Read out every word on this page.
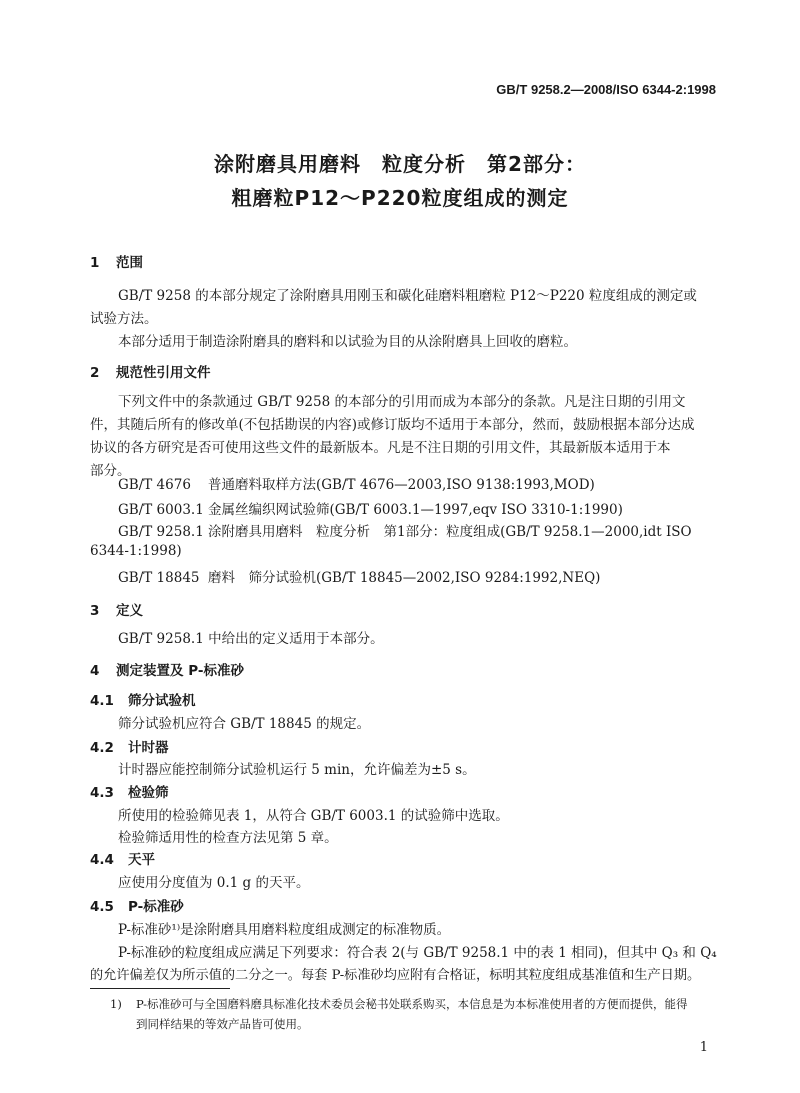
GB/T 9258.2—2008/ISO 6344-2:1998
涂附磨具用磨料　粒度分析　第2部分：
粗磨粒P12～P220粒度组成的测定
1 范围
GB/T 9258 的本部分规定了涂附磨具用刚玉和碳化硅磨料粗磨粒 P12～P220 粒度组成的测定或
试验方法。
本部分适用于制造涂附磨具的磨料和以试验为目的从涂附磨具上回收的磨粒。
2 规范性引用文件
下列文件中的条款通过 GB/T 9258 的本部分的引用而成为本部分的条款。凡是注日期的引用文
件，其随后所有的修改单(不包括勘误的内容)或修订版均不适用于本部分，然而，鼓励根据本部分达成
协议的各方研究是否可使用这些文件的最新版本。凡是不注日期的引用文件，其最新版本适用于本
部分。
GB/T 4676 普通磨料取样方法(GB/T 4676—2003,ISO 9138:1993,MOD)
GB/T 6003.1 金属丝编织网试验筛(GB/T 6003.1—1997,eqv ISO 3310-1:1990)
GB/T 9258.1 涂附磨具用磨料　粒度分析　第1部分：粒度组成(GB/T 9258.1—2000,idt ISO
6344-1:1998)
GB/T 18845 磨料　筛分试验机(GB/T 18845—2002,ISO 9284:1992,NEQ)
3 定义
GB/T 9258.1 中给出的定义适用于本部分。
4 测定装置及 P-标准砂
4.1 筛分试验机
筛分试验机应符合 GB/T 18845 的规定。
4.2 计时器
计时器应能控制筛分试验机运行 5 min，允许偏差为±5 s。
4.3 检验筛
所使用的检验筛见表 1，从符合 GB/T 6003.1 的试验筛中选取。
检验筛适用性的检查方法见第 5 章。
4.4 天平
应使用分度值为 0.1 g 的天平。
4.5 P-标准砂
P-标准砂¹⁾是涂附磨具用磨料粒度组成测定的标准物质。
P-标准砂的粒度组成应满足下列要求：符合表 2(与 GB/T 9258.1 中的表 1 相同)，但其中 Q₃ 和 Q₄
的允许偏差仅为所示值的二分之一。每套 P-标准砂均应附有合格证，标明其粒度组成基准值和生产日期。
1) P-标准砂可与全国磨料磨具标准化技术委员会秘书处联系购买，本信息是为本标准使用者的方便而提供，能得
到同样结果的等效产品皆可使用。
1
